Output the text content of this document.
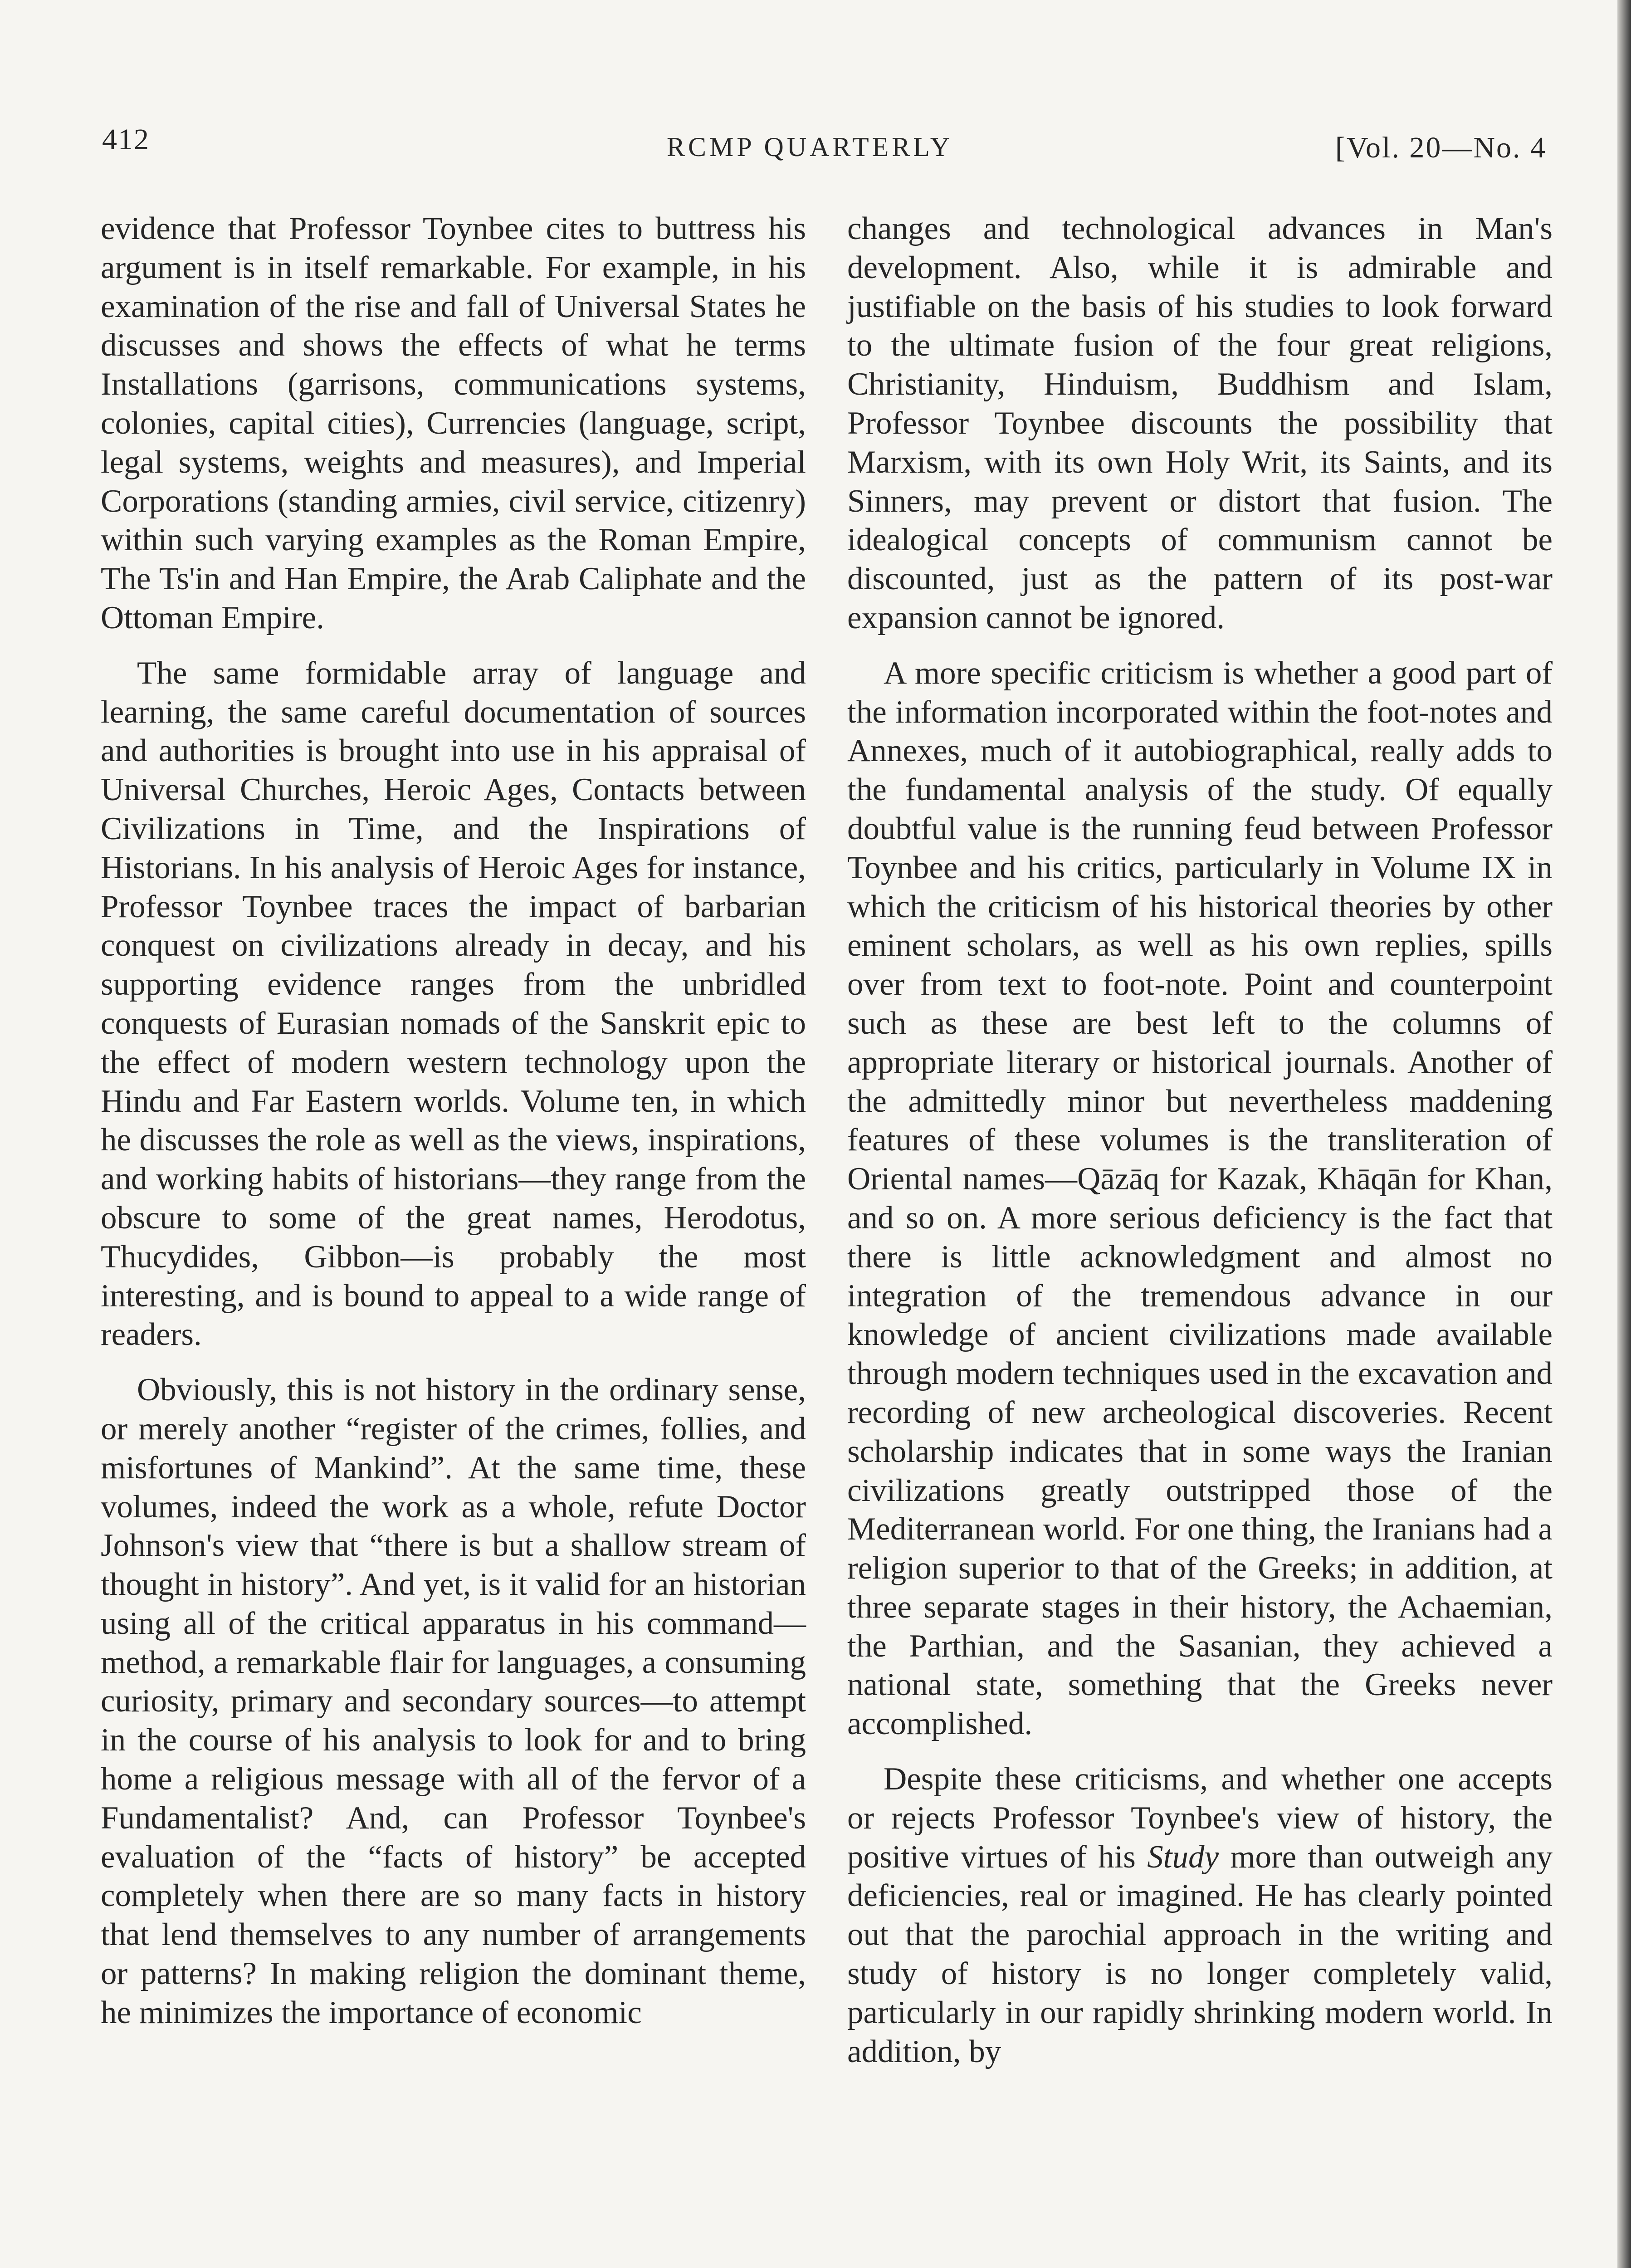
412	RCMP QUARTERLY	[Vol. 20—No. 4

evidence that Professor Toynbee cites to buttress his argument is in itself remarkable. For example, in his examination of the rise and fall of Universal States he discusses and shows the effects of what he terms Installations (garrisons, communications systems, colonies, capital cities), Currencies (language, script, legal systems, weights and measures), and Imperial Corporations (standing armies, civil service, citizenry) within such varying examples as the Roman Empire, The Ts'in and Han Empire, the Arab Caliphate and the Ottoman Empire.

The same formidable array of language and learning, the same careful documentation of sources and authorities is brought into use in his appraisal of Universal Churches, Heroic Ages, Contacts between Civilizations in Time, and the Inspirations of Historians. In his analysis of Heroic Ages for instance, Professor Toynbee traces the impact of barbarian conquest on civilizations already in decay, and his supporting evidence ranges from the unbridled conquests of Eurasian nomads of the Sanskrit epic to the effect of modern western technology upon the Hindu and Far Eastern worlds. Volume ten, in which he discusses the role as well as the views, inspirations, and working habits of historians—they range from the obscure to some of the great names, Herodotus, Thucydides, Gibbon—is probably the most interesting, and is bound to appeal to a wide range of readers.

Obviously, this is not history in the ordinary sense, or merely another “register of the crimes, follies, and misfortunes of Mankind”. At the same time, these volumes, indeed the work as a whole, refute Doctor Johnson's view that “there is but a shallow stream of thought in history”. And yet, is it valid for an historian using all of the critical apparatus in his command—method, a remarkable flair for languages, a consuming curiosity, primary and secondary sources—to attempt in the course of his analysis to look for and to bring home a religious message with all of the fervor of a Fundamentalist? And, can Professor Toynbee's evaluation of the “facts of history” be accepted completely when there are so many facts in history that lend themselves to any number of arrangements or patterns? In making religion the dominant theme, he minimizes the importance of economic

changes and technological advances in Man's development. Also, while it is admirable and justifiable on the basis of his studies to look forward to the ultimate fusion of the four great religions, Christianity, Hinduism, Buddhism and Islam, Professor Toynbee discounts the possibility that Marxism, with its own Holy Writ, its Saints, and its Sinners, may prevent or distort that fusion. The idealogical concepts of communism cannot be discounted, just as the pattern of its post-war expansion cannot be ignored.

A more specific criticism is whether a good part of the information incorporated within the foot-notes and Annexes, much of it autobiographical, really adds to the fundamental analysis of the study. Of equally doubtful value is the running feud between Professor Toynbee and his critics, particularly in Volume IX in which the criticism of his historical theories by other eminent scholars, as well as his own replies, spills over from text to foot-note. Point and counterpoint such as these are best left to the columns of appropriate literary or historical journals. Another of the admittedly minor but nevertheless maddening features of these volumes is the transliteration of Oriental names—Qāzāq for Kazak, Khāqān for Khan, and so on. A more serious deficiency is the fact that there is little acknowledgment and almost no integration of the tremendous advance in our knowledge of ancient civilizations made available through modern techniques used in the excavation and recording of new archeological discoveries. Recent scholarship indicates that in some ways the Iranian civilizations greatly outstripped those of the Mediterranean world. For one thing, the Iranians had a religion superior to that of the Greeks; in addition, at three separate stages in their history, the Achaemian, the Parthian, and the Sasanian, they achieved a national state, something that the Greeks never accomplished.

Despite these criticisms, and whether one accepts or rejects Professor Toynbee's view of history, the positive virtues of his Study more than outweigh any deficiencies, real or imagined. He has clearly pointed out that the parochial approach in the writing and study of history is no longer completely valid, particularly in our rapidly shrinking modern world. In addition, by
